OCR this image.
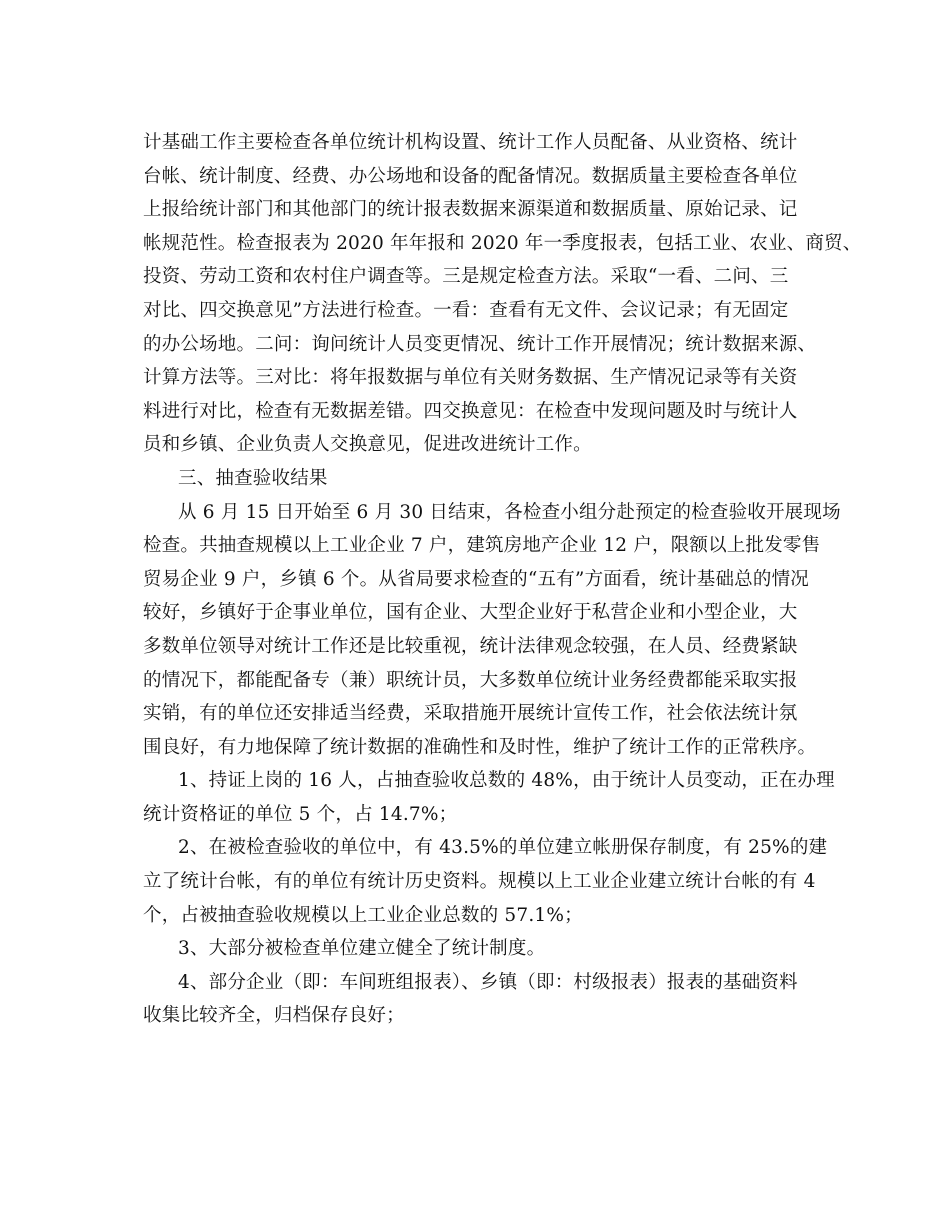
计基础工作主要检查各单位统计机构设置、统计工作人员配备、从业资格、统计
台帐、统计制度、经费、办公场地和设备的配备情况。数据质量主要检查各单位
上报给统计部门和其他部门的统计报表数据来源渠道和数据质量、原始记录、记
帐规范性。检查报表为 2020 年年报和 2020 年一季度报表，包括工业、农业、商贸、
投资、劳动工资和农村住户调查等。三是规定检查方法。采取“一看、二问、三
对比、四交换意见”方法进行检查。一看：查看有无文件、会议记录；有无固定
的办公场地。二问：询问统计人员变更情况、统计工作开展情况；统计数据来源、
计算方法等。三对比：将年报数据与单位有关财务数据、生产情况记录等有关资
料进行对比，检查有无数据差错。四交换意见：在检查中发现问题及时与统计人
员和乡镇、企业负责人交换意见，促进改进统计工作。
三、抽查验收结果
从 6 月 15 日开始至 6 月 30 日结束，各检查小组分赴预定的检查验收开展现场
检查。共抽查规模以上工业企业 7 户，建筑房地产企业 12 户，限额以上批发零售
贸易企业 9 户，乡镇 6 个。从省局要求检查的“五有”方面看，统计基础总的情况
较好，乡镇好于企事业单位，国有企业、大型企业好于私营企业和小型企业，大
多数单位领导对统计工作还是比较重视，统计法律观念较强，在人员、经费紧缺
的情况下，都能配备专（兼）职统计员，大多数单位统计业务经费都能采取实报
实销，有的单位还安排适当经费，采取措施开展统计宣传工作，社会依法统计氛
围良好，有力地保障了统计数据的准确性和及时性，维护了统计工作的正常秩序。
1、持证上岗的 16 人，占抽查验收总数的 48%，由于统计人员变动，正在办理
统计资格证的单位 5 个，占 14.7%；
2、在被检查验收的单位中，有 43.5%的单位建立帐册保存制度，有 25%的建
立了统计台帐，有的单位有统计历史资料。规模以上工业企业建立统计台帐的有 4
个，占被抽查验收规模以上工业企业总数的 57.1%；
3、大部分被检查单位建立健全了统计制度。
4、部分企业（即：车间班组报表）、乡镇（即：村级报表）报表的基础资料
收集比较齐全，归档保存良好；
